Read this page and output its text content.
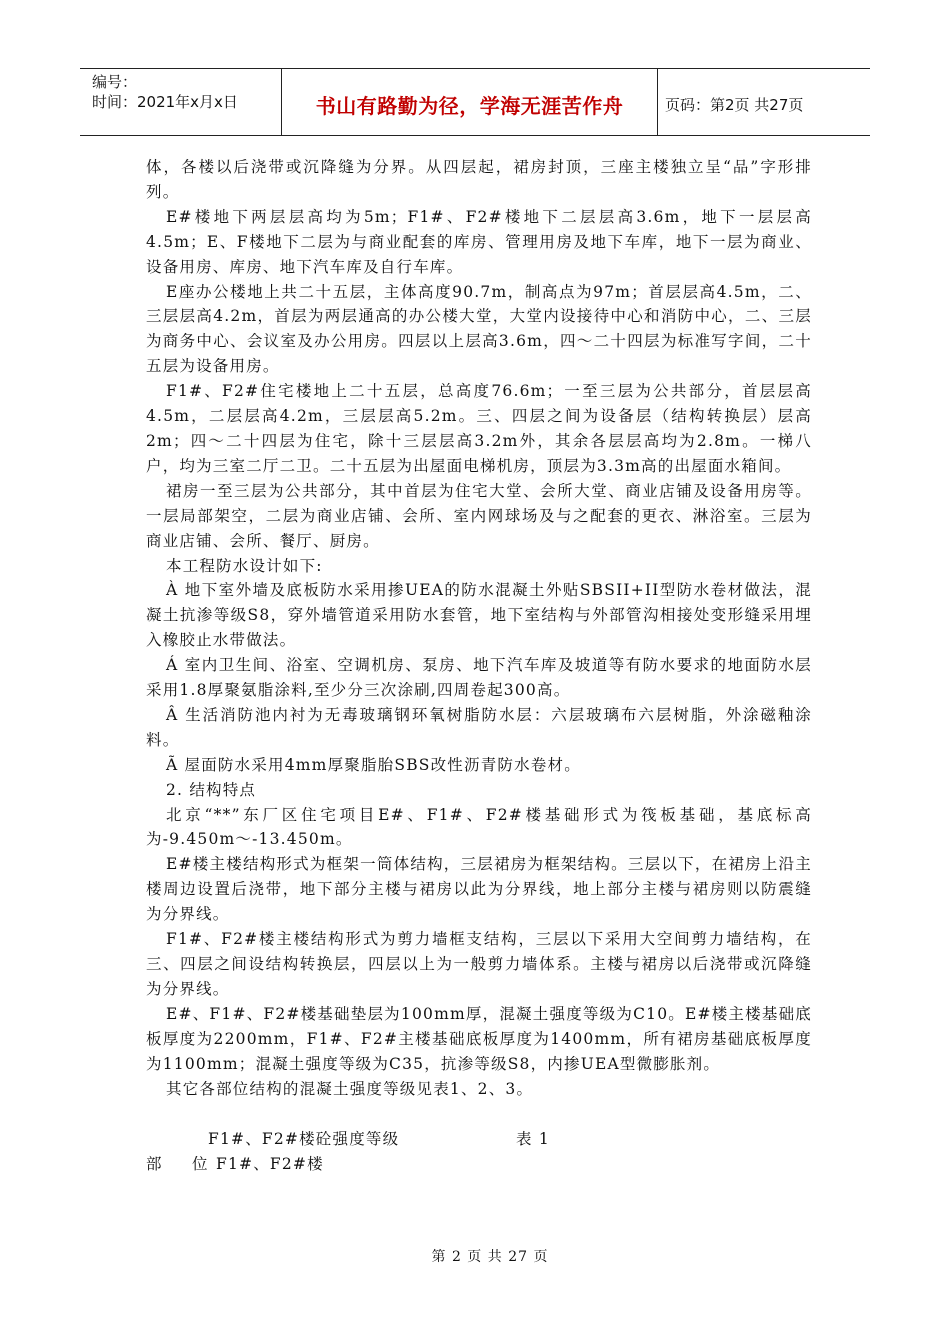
编号：
时间：2021年x月x日	书山有路勤为径，学海无涯苦作舟	页码：第2页 共27页

体，各楼以后浇带或沉降缝为分界。从四层起，裙房封顶，三座主楼独立呈“品”字形排列。

E#楼地下两层层高均为5m；F1#、F2#楼地下二层层高3.6m，地下一层层高4.5m；E、F楼地下二层为与商业配套的库房、管理用房及地下车库，地下一层为商业、设备用房、库房、地下汽车库及自行车库。

E座办公楼地上共二十五层，主体高度90.7m，制高点为97m；首层层高4.5m，二、三层层高4.2m，首层为两层通高的办公楼大堂，大堂内设接待中心和消防中心，二、三层为商务中心、会议室及办公用房。四层以上层高3.6m，四～二十四层为标准写字间，二十五层为设备用房。

F1#、F2#住宅楼地上二十五层，总高度76.6m；一至三层为公共部分，首层层高4.5m，二层层高4.2m，三层层高5.2m。三、四层之间为设备层（结构转换层）层高2m；四～二十四层为住宅，除十三层层高3.2m外，其余各层层高均为2.8m。一梯八户，均为三室二厅二卫。二十五层为出屋面电梯机房，顶层为3.3m高的出屋面水箱间。

裙房一至三层为公共部分，其中首层为住宅大堂、会所大堂、商业店铺及设备用房等。一层局部架空，二层为商业店铺、会所、室内网球场及与之配套的更衣、淋浴室。三层为商业店铺、会所、餐厅、厨房。

本工程防水设计如下:

À 地下室外墙及底板防水采用掺UEA的防水混凝土外贴SBSII+II型防水卷材做法，混凝土抗渗等级S8，穿外墙管道采用防水套管，地下室结构与外部管沟相接处变形缝采用埋入橡胶止水带做法。

Á 室内卫生间、浴室、空调机房、泵房、地下汽车库及坡道等有防水要求的地面防水层采用1.8厚聚氨脂涂料,至少分三次涂刷,四周卷起300高。

Â 生活消防池内衬为无毒玻璃钢环氧树脂防水层：六层玻璃布六层树脂，外涂磁釉涂料。

Ã 屋面防水采用4mm厚聚脂胎SBS改性沥青防水卷材。

2. 结构特点

北京“**”东厂区住宅项目E#、F1#、F2#楼基础形式为筏板基础，基底标高为-9.450m～-13.450m。

E#楼主楼结构形式为框架一筒体结构，三层裙房为框架结构。三层以下，在裙房上沿主楼周边设置后浇带，地下部分主楼与裙房以此为分界线，地上部分主楼与裙房则以防震缝为分界线。

F1#、F2#楼主楼结构形式为剪力墙框支结构，三层以下采用大空间剪力墙结构，在三、四层之间设结构转换层，四层以上为一般剪力墙体系。主楼与裙房以后浇带或沉降缝为分界线。

E#、F1#、F2#楼基础垫层为100mm厚，混凝土强度等级为C10。E#楼主楼基础底板厚度为2200mm，F1#、F2#主楼基础底板厚度为1400mm，所有裙房基础底板厚度为1100mm；混凝土强度等级为C35，抗渗等级S8，内掺UEA型微膨胀剂。

其它各部位结构的混凝土强度等级见表1、2、3。

F1#、F2#楼砼强度等级	表 1
部 位 F1#、F2#楼
第 2 页 共 27 页
